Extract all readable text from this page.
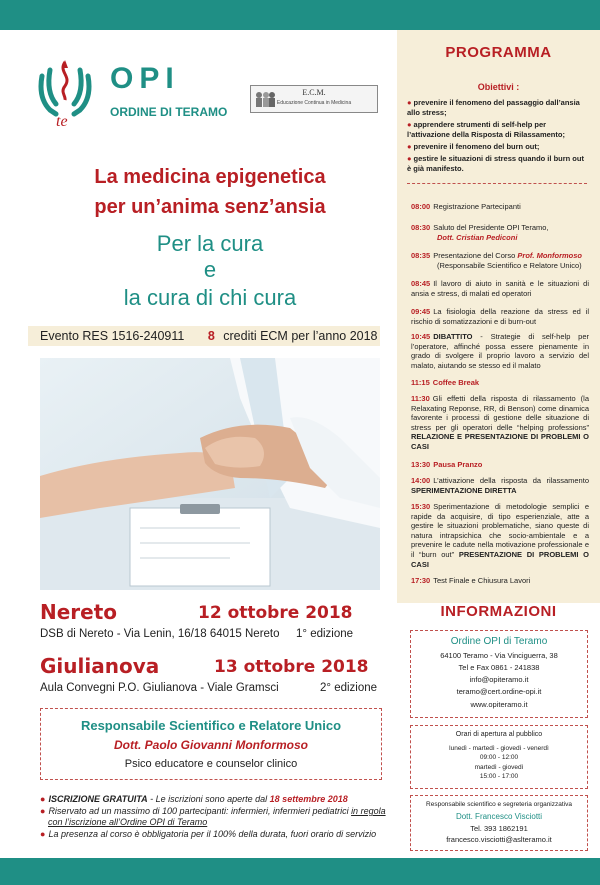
te
OPI
ORDINE DI TERAMO
E.C.M.
Educazione Continua in Medicina
La medicina epigenetica
per un’anima senz’ansia
Per la cura
e
la cura di chi cura
Evento RES 1516-240911 8 crediti ECM per l’anno 2018
Nereto	12 ottobre 2018
DSB di Nereto - Via Lenin, 16/18 64015 Nereto 1° edizione
Giulianova	13 ottobre 2018
Aula Convegni P.O. Giulianova - Viale Gramsci	2° edizione
Responsabile Scientifico e Relatore Unico
Dott. Paolo Giovanni Monformoso
Psico educatore e counselor clinico
● ISCRIZIONE GRATUITA - Le iscrizioni sono aperte dal 18 settembre 2018
● Riservato ad un massimo di 100 partecipanti: infermieri, infermieri pediatrici in regola
con l’iscrizione all’Ordine OPI di Teramo
● La presenza al corso è obbligatoria per il 100% della durata, fuori orario di servizio
PROGRAMMA
Obiettivi :
● prevenire il fenomeno del passaggio dall’ansia allo stress;
● apprendere strumenti di self-help per l’attivazione della Risposta di Rilassamento;
● prevenire il fenomeno del burn out;
● gestire le situazioni di stress quando il burn out è già manifesto.
08:00 Registrazione Partecipanti
08:30 Saluto del Presidente OPI Teramo,
Dott. Cristian Pediconi
08:35 Presentazione del Corso Prof. Monformoso
(Responsabile Scientifico e Relatore Unico)
08:45 Il lavoro di aiuto in sanità e le situazioni di ansia e stress, di malati ed operatori
09:45 La fisiologia della reazione da stress ed il rischio di somatizzazioni e di burn-out
10:45 DIBATTITO - Strategie di self-help per l’operatore, affinché possa essere pienamente in grado di svolgere il proprio lavoro a servizio del malato, aiutando se stesso ed il malato
11:15 Coffee Break
11:30 Gli effetti della risposta di rilassamento (la Relaxating Reponse, RR, di Benson) come dinamica favorente i processi di gestione delle situazione di stress per gli operatori delle “helping professions” RELAZIONE E PRESENTAZIONE DI PROBLEMI O CASI
13:30 Pausa Pranzo
14:00 L’attivazione della risposta da rilassamento SPERIMENTAZIONE DIRETTA
15:30 Sperimentazione di metodologie semplici e rapide da acquisire, di tipo esperienziale, atte a gestire le situazioni problematiche, siano queste di natura intrapsichica che socio-ambientale e a prevenire le cadute nella motivazione professionale e il “burn out” PRESENTAZIONE DI PROBLEMI O CASI
17:30 Test Finale e Chiusura Lavori
INFORMAZIONI
Ordine OPI di Teramo
64100 Teramo - Via Vinciguerra, 38
Tel e Fax 0861 - 241838
info@opiteramo.it
teramo@cert.ordine-opi.it
www.opiteramo.it
Orari di apertura al pubblico
lunedì - martedì - giovedì - venerdì
09:00 - 12:00
martedì - giovedì
15:00 - 17:00
Responsabile scientifico e segreteria organizzativa
Dott. Francesco Visciotti
Tel. 393 1862191
francesco.visciotti@aslteramo.it
